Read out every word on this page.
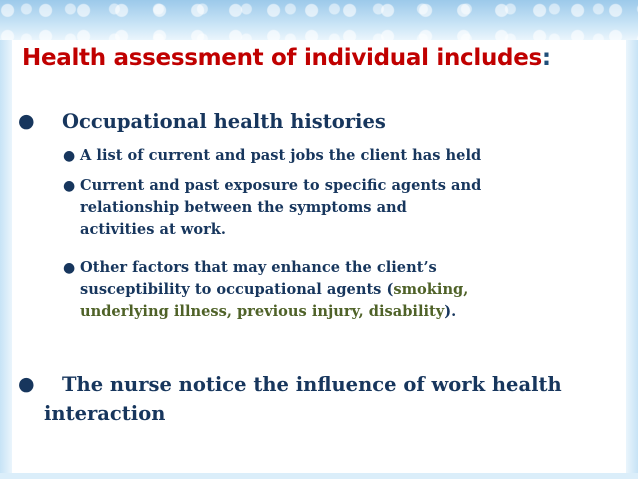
Health assessment of individual includes:
● Occupational health histories
● A list of current and past jobs the client has held
● Current and past exposure to specific agents and
relationship between the symptoms and
activities at work.
● Other factors that may enhance the client’s
susceptibility to occupational agents (smoking,
underlying illness, previous injury, disability).
●	The nurse notice the influence of work health
interaction
